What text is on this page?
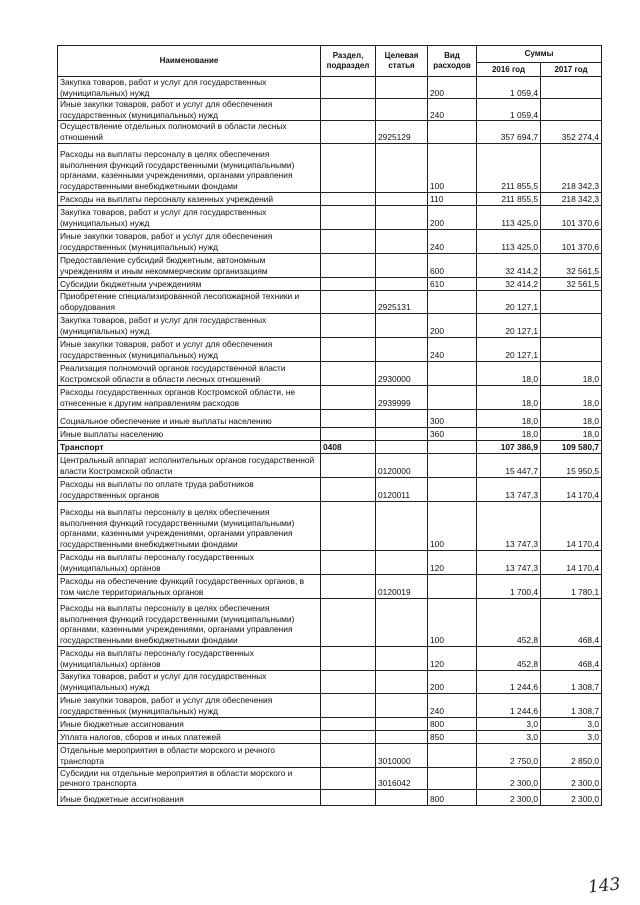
Наименование	Раздел, подраздел	Целевая статья	Вид расходов	Суммы	
				2016 год	2017 год
Закупка товаров, работ и услуг для государственных (муниципальных) нужд			200	1 059,4	
Иные закупки товаров, работ и услуг для обеспечения государственных (муниципальных) нужд			240	1 059,4	
Осуществление отдельных полномочий в области лесных отношений		2925129		357 694,7	352 274,4
Расходы на выплаты персоналу в целях обеспечения выполнения функций государственными (муниципальными) органами, казенными учреждениями, органами управления государственными внебюджетными фондами			100	211 855,5	218 342,3
Расходы на выплаты персоналу казенных учреждений			110	211 855,5	218 342,3
Закупка товаров, работ и услуг для государственных (муниципальных) нужд			200	113 425,0	101 370,6
Иные закупки товаров, работ и услуг для обеспечения государственных (муниципальных) нужд			240	113 425,0	101 370,6
Предоставление субсидий бюджетным, автономным учреждениям и иным некоммерческим организациям			600	32 414,2	32 561,5
Субсидии бюджетным учреждениям			610	32 414,2	32 561,5
Приобретение специализированной лесопожарной техники и оборудования		2925131		20 127,1	
Закупка товаров, работ и услуг для государственных (муниципальных) нужд			200	20 127,1	
Иные закупки товаров, работ и услуг для обеспечения государственных (муниципальных) нужд			240	20 127,1	
Реализация полномочий органов государственной власти Костромской области в области лесных отношений		2930000		18,0	18,0
Расходы государственных органов Костромской области, не отнесенные к другим направлениям расходов		2939999		18,0	18,0
Социальное обеспечение и иные выплаты населению			300	18,0	18,0
Иные выплаты населению			360	18,0	18,0
Транспорт	0408			107 386,9	109 580,7
Центральный аппарат исполнительных органов государственной власти Костромской области		0120000		15 447,7	15 950,5
Расходы на выплаты по оплате труда работников государственных органов		0120011		13 747,3	14 170,4
Расходы на выплаты персоналу в целях обеспечения выполнения функций государственными (муниципальными) органами, казенными учреждениями, органами управления государственными внебюджетными фондами			100	13 747,3	14 170,4
Расходы на выплаты персоналу государственных (муниципальных) органов			120	13 747,3	14 170,4
Расходы на обеспечение функций государственных органов, в том числе территориальных органов		0120019		1 700,4	1 780,1
Расходы на выплаты персоналу в целях обеспечения выполнения функций государственными (муниципальными) органами, казенными учреждениями, органами управления государственными внебюджетными фондами			100	452,8	468,4
Расходы на выплаты персоналу государственных (муниципальных) органов			120	452,8	468,4
Закупка товаров, работ и услуг для государственных (муниципальных) нужд			200	1 244,6	1 308,7
Иные закупки товаров, работ и услуг для обеспечения государственных (муниципальных) нужд			240	1 244,6	1 308,7
Иные бюджетные ассигнования			800	3,0	3,0
Уплата налогов, сборов и иных платежей			850	3,0	3,0
Отдельные мероприятия в области морского и речного транспорта		3010000		2 750,0	2 850,0
Субсидии на отдельные мероприятия в области морского и речного транспорта		3016042		2 300,0	2 300,0
Иные бюджетные ассигнования			800	2 300,0	2 300,0
143
